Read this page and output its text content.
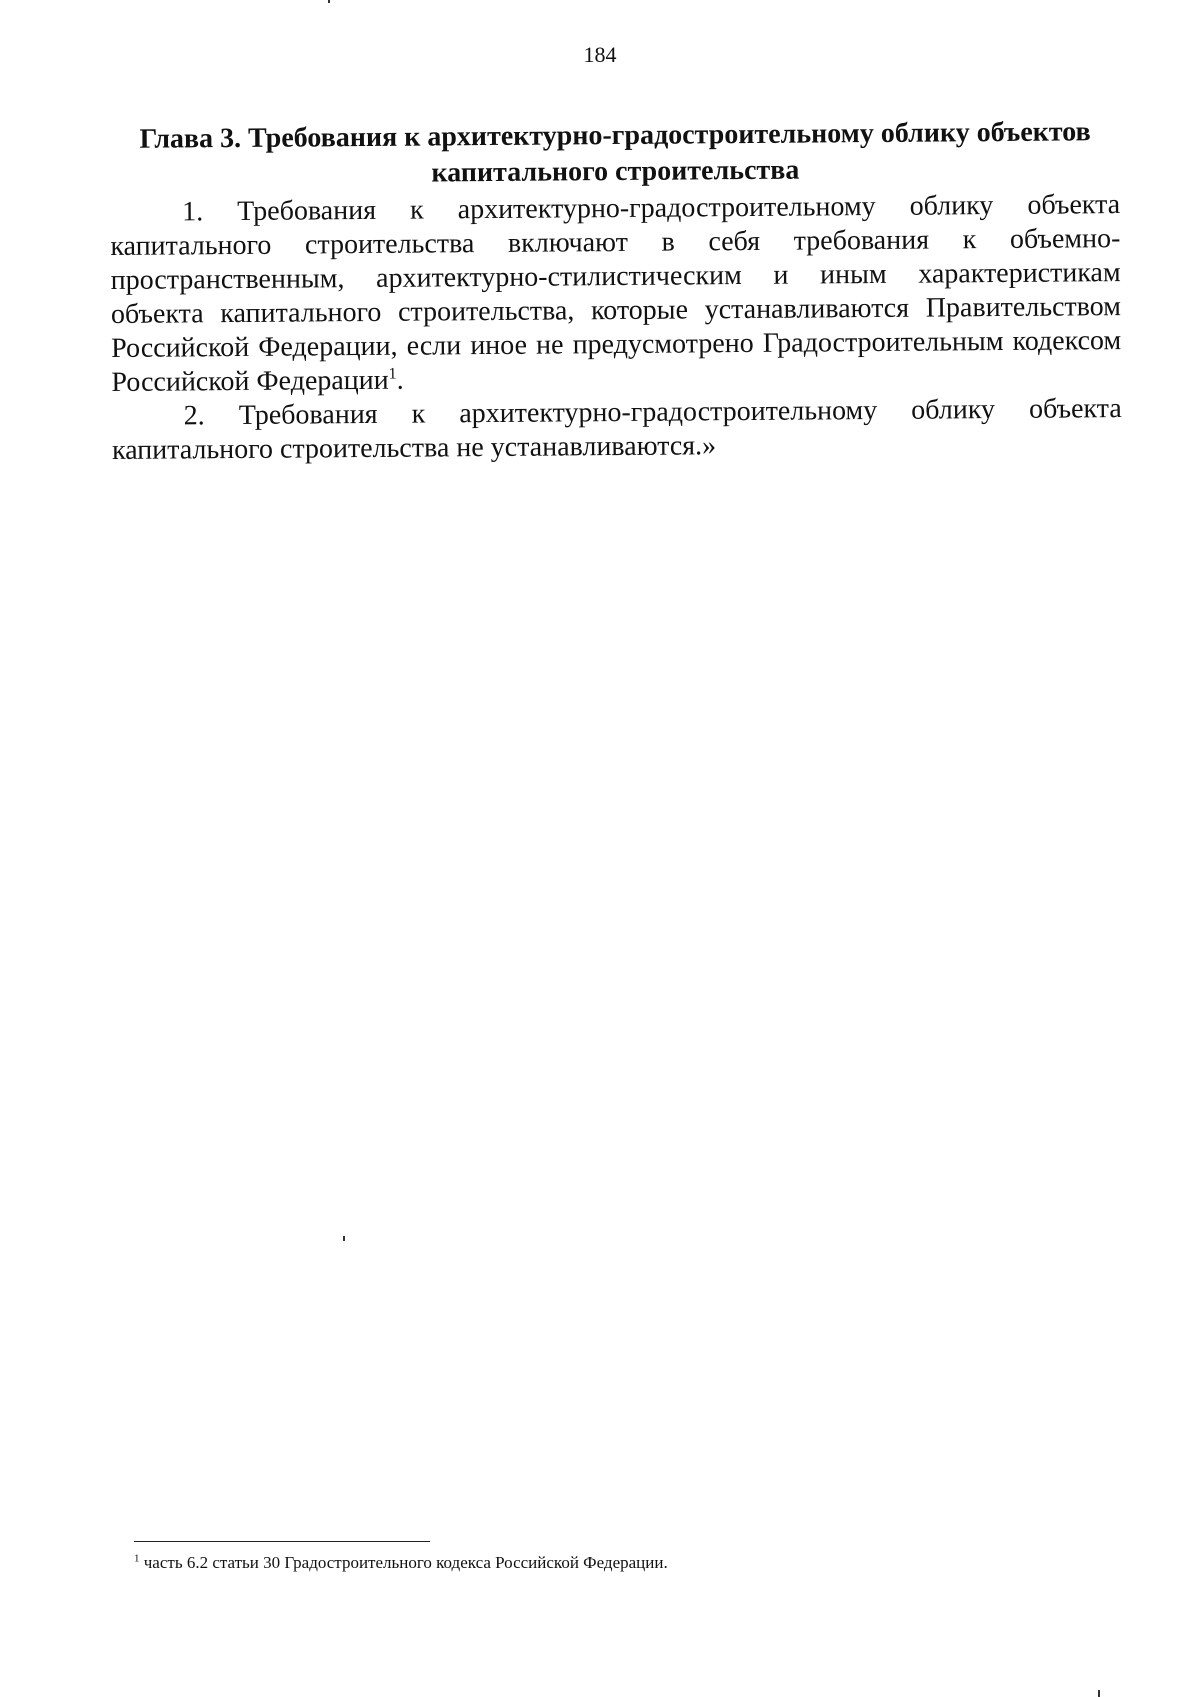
184
Глава 3. Требования к архитектурно-градостроительному облику объектов
капитального строительства

1. Требования к архитектурно-градостроительному облику объекта капитального строительства включают в себя требования к объемно-пространственным, архитектурно-стилистическим и иным характеристикам объекта капитального строительства, которые устанавливаются Правительством Российской Федерации, если иное не предусмотрено Градостроительным кодексом Российской Федерации$^1$.

2. Требования к архитектурно-градостроительному облику объекта капитального строительства не устанавливаются.»

$^1$ часть 6.2 статьи 30 Градостроительного кодекса Российской Федерации.
